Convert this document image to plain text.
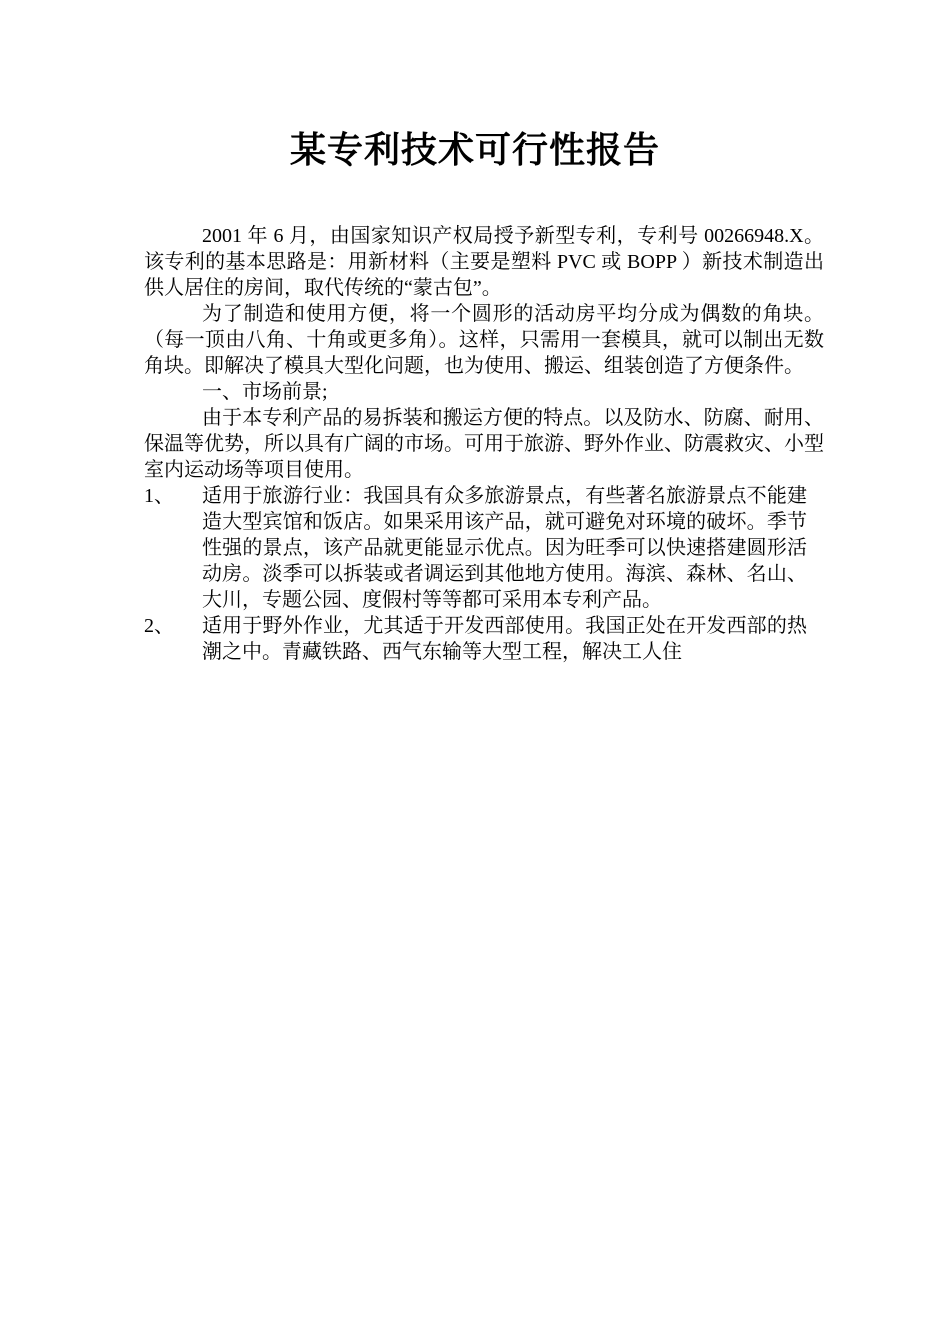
某专利技术可行性报告

2001 年 6 月，由国家知识产权局授予新型专利，专利号 00266948.X。该专利的基本思路是：用新材料（主要是塑料 PVC 或 BOPP ）新技术制造出供人居住的房间，取代传统的“蒙古包”。

为了制造和使用方便，将一个圆形的活动房平均分成为偶数的角块。（每一顶由八角、十角或更多角）。这样，只需用一套模具，就可以制出无数角块。即解决了模具大型化问题，也为使用、搬运、组装创造了方便条件。

一、市场前景;

由于本专利产品的易拆装和搬运方便的特点。以及防水、防腐、耐用、保温等优势，所以具有广阔的市场。可用于旅游、野外作业、防震救灾、小型室内运动场等项目使用。

1、 适用于旅游行业：我国具有众多旅游景点，有些著名旅游景点不能建造大型宾馆和饭店。如果采用该产品，就可避免对环境的破坏。季节性强的景点，该产品就更能显示优点。因为旺季可以快速搭建圆形活动房。淡季可以拆装或者调运到其他地方使用。海滨、森林、名山、大川，专题公园、度假村等等都可采用本专利产品。
2、 适用于野外作业，尤其适于开发西部使用。我国正处在开发西部的热潮之中。青藏铁路、西气东输等大型工程，解决工人住
